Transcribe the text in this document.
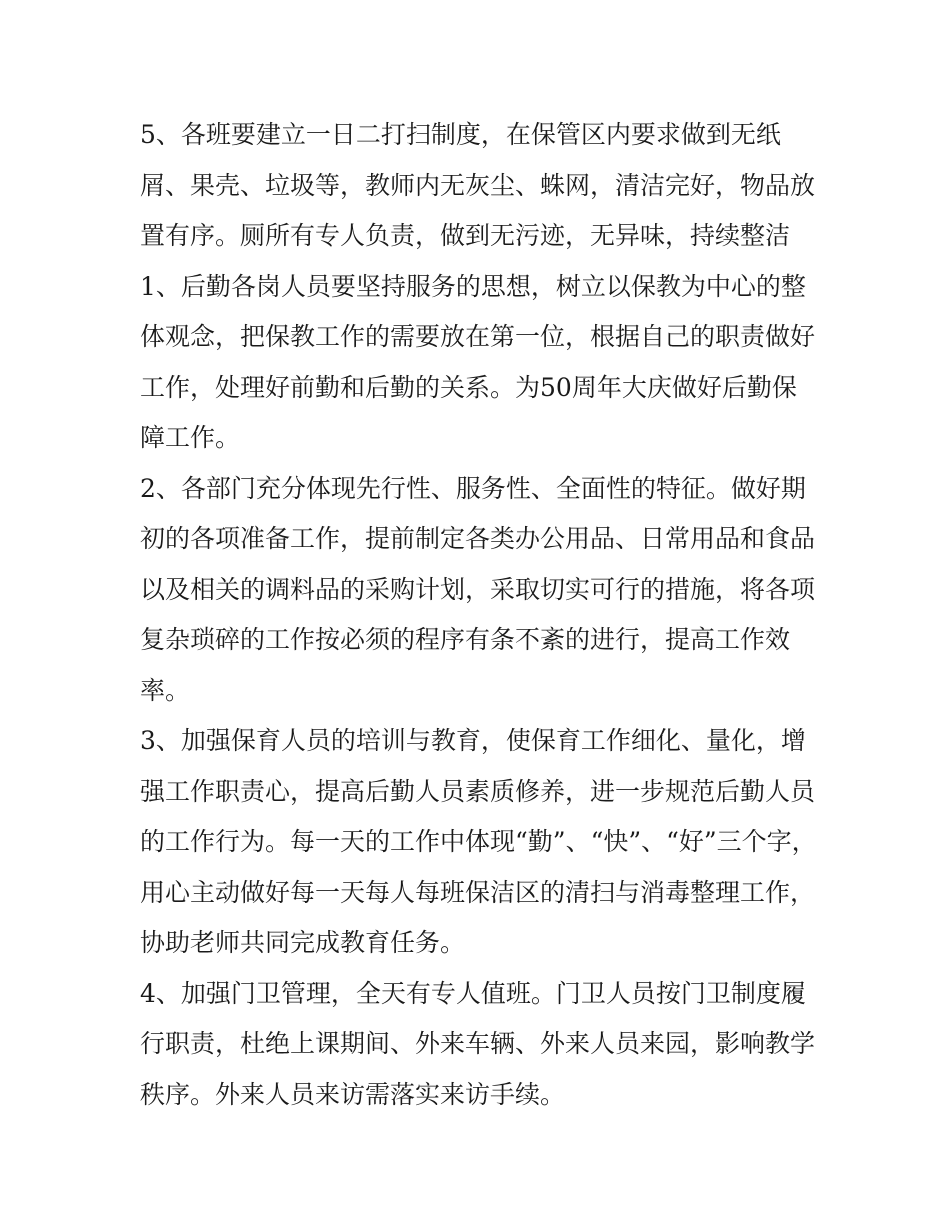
5、各班要建立一日二打扫制度，在保管区内要求做到无纸
屑、果壳、垃圾等，教师内无灰尘、蛛网，清洁完好，物品放
置有序。厕所有专人负责，做到无污迹，无异味，持续整洁
1、后勤各岗人员要坚持服务的思想，树立以保教为中心的整
体观念，把保教工作的需要放在第一位，根据自己的职责做好
工作，处理好前勤和后勤的关系。为50周年大庆做好后勤保
障工作。
2、各部门充分体现先行性、服务性、全面性的特征。做好期
初的各项准备工作，提前制定各类办公用品、日常用品和食品
以及相关的调料品的采购计划，采取切实可行的措施，将各项
复杂琐碎的工作按必须的程序有条不紊的进行，提高工作效
率。
3、加强保育人员的培训与教育，使保育工作细化、量化，增
强工作职责心，提高后勤人员素质修养，进一步规范后勤人员
的工作行为。每一天的工作中体现“勤”、“快”、“好”三个字，
用心主动做好每一天每人每班保洁区的清扫与消毒整理工作，
协助老师共同完成教育任务。
4、加强门卫管理，全天有专人值班。门卫人员按门卫制度履
行职责，杜绝上课期间、外来车辆、外来人员来园，影响教学
秩序。外来人员来访需落实来访手续。
